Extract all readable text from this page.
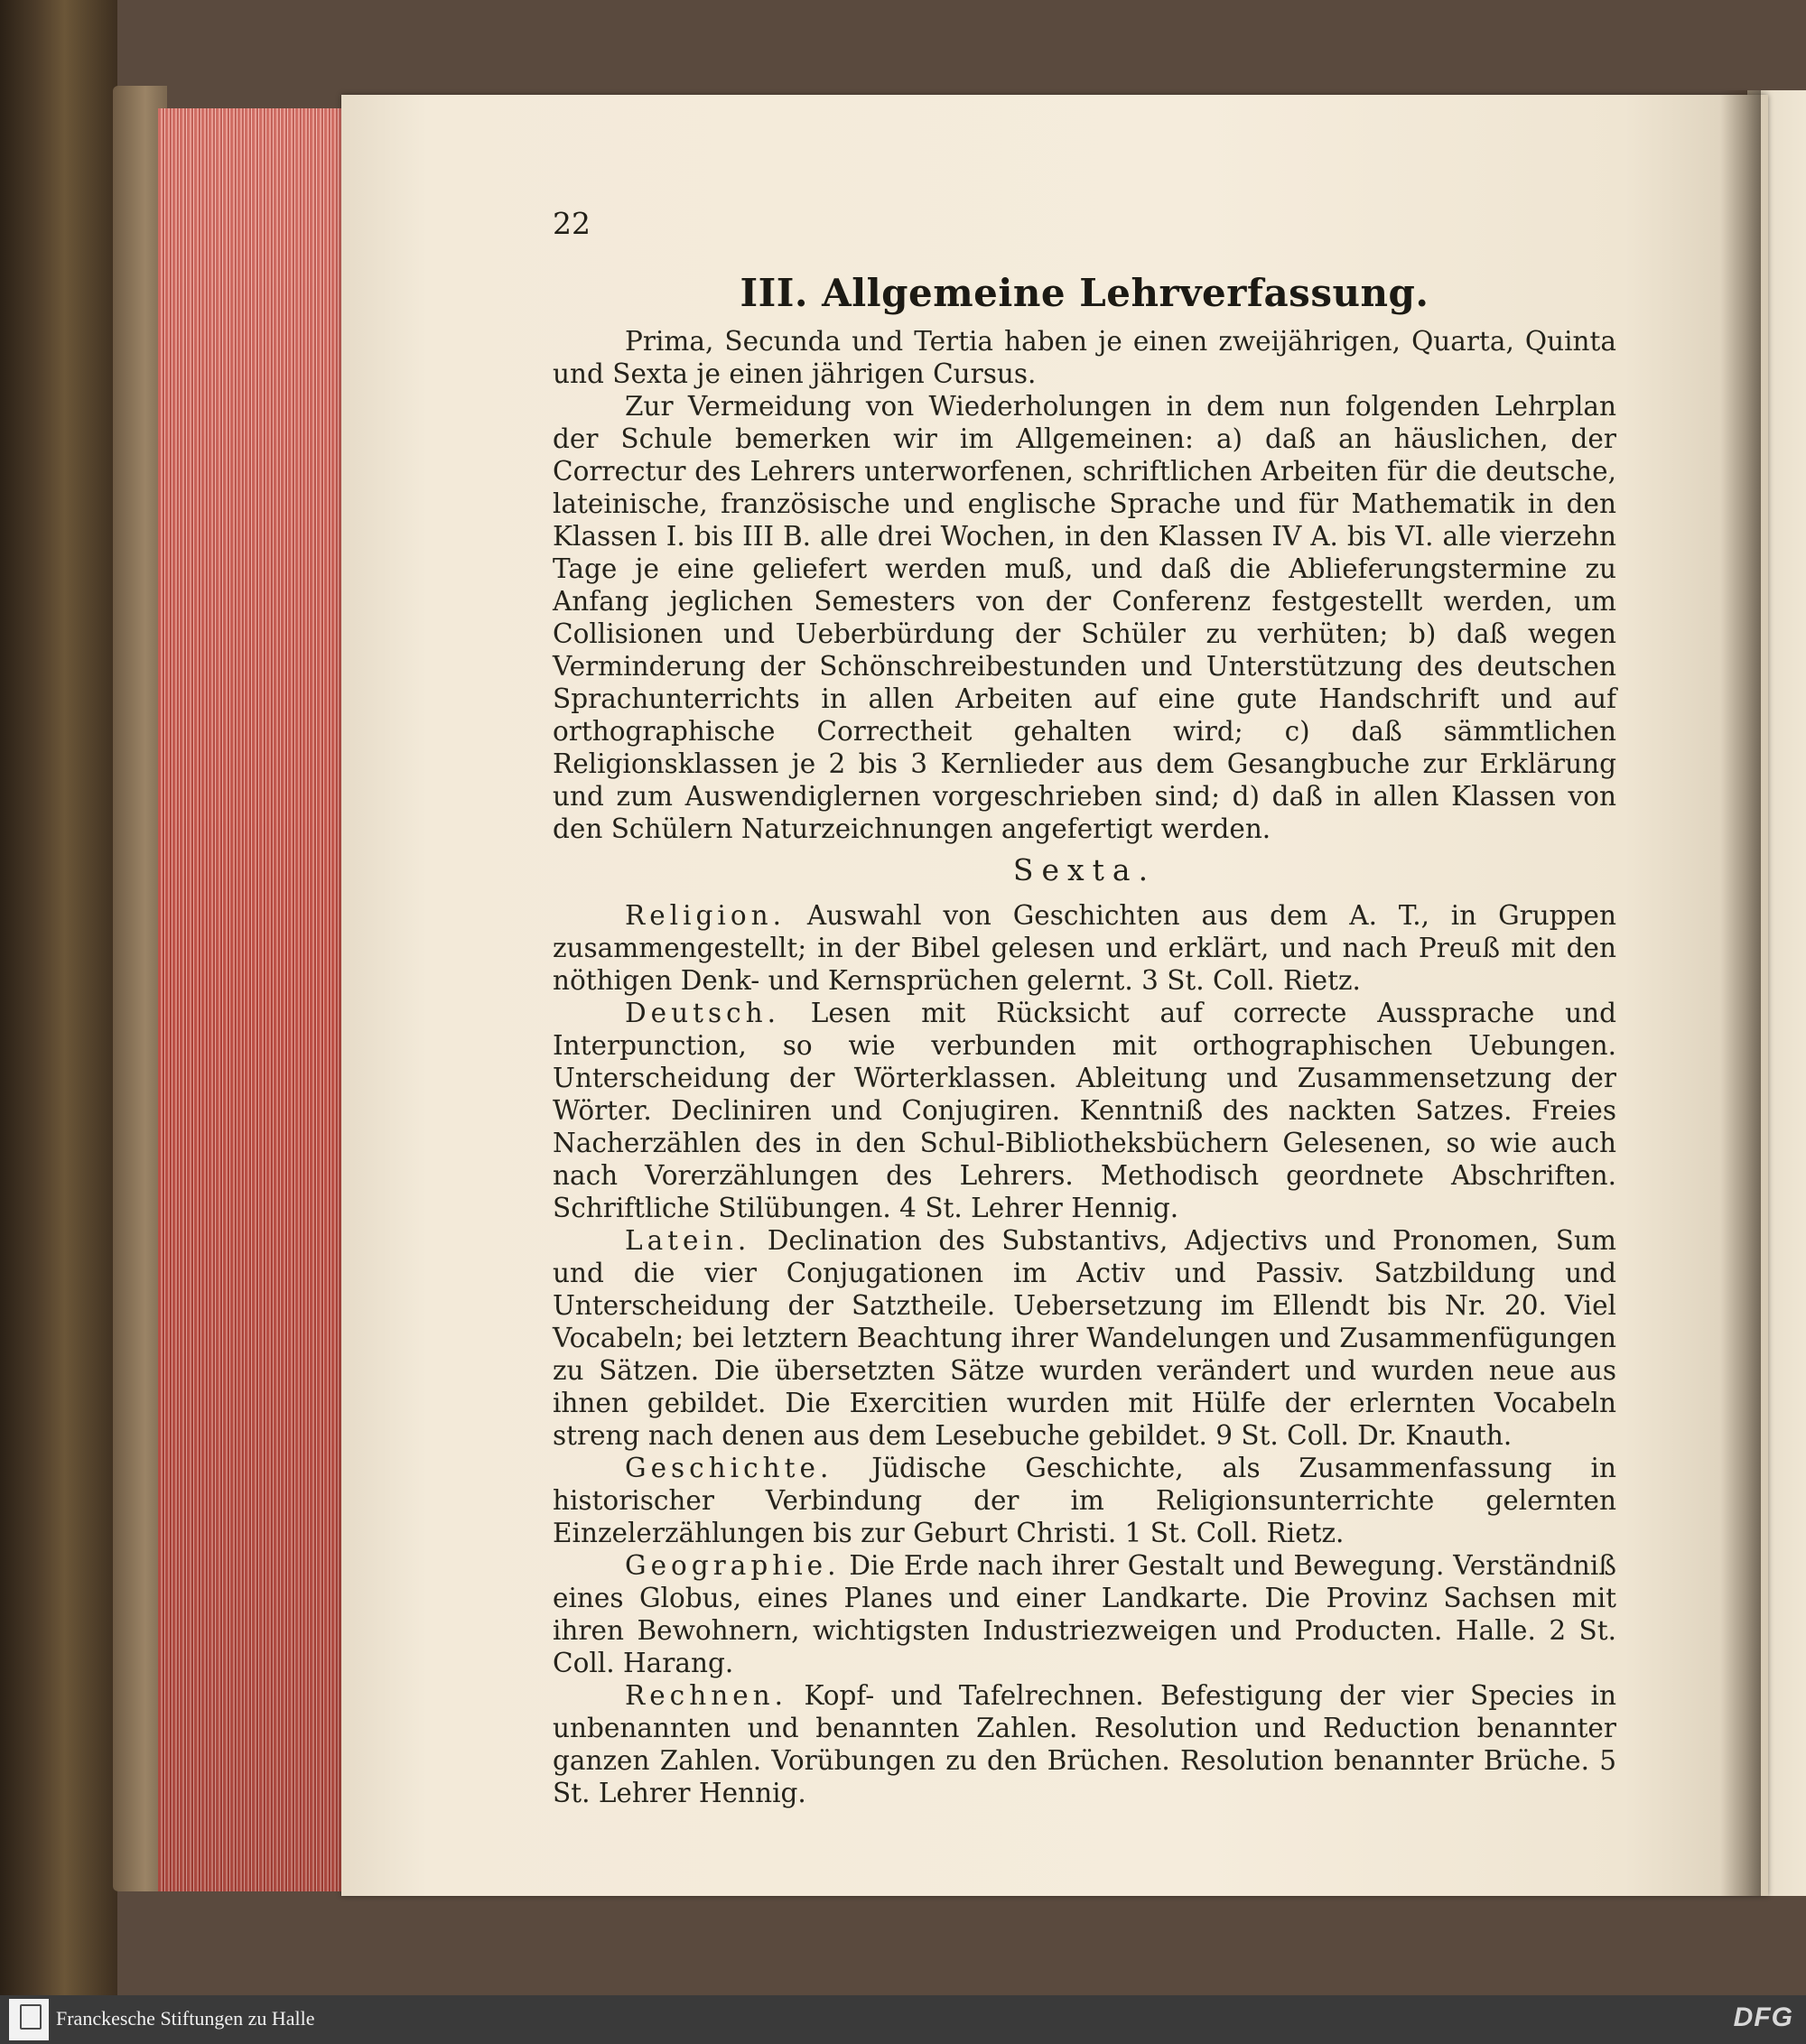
22
III. Allgemeine Lehrverfassung.

Prima, Secunda und Tertia haben je einen zweijährigen, Quarta, Quinta und Sexta je einen jährigen Cursus.

Zur Vermeidung von Wiederholungen in dem nun folgenden Lehrplan der Schule bemerken wir im Allgemeinen: a) daß an häuslichen, der Correctur des Lehrers unterworfenen, schriftlichen Arbeiten für die deutsche, lateinische, französische und englische Sprache und für Mathematik in den Klassen I. bis III B. alle drei Wochen, in den Klassen IV A. bis VI. alle vierzehn Tage je eine geliefert werden muß, und daß die Ablieferungstermine zu Anfang jeglichen Semesters von der Conferenz festgestellt werden, um Collisionen und Ueberbürdung der Schüler zu verhüten; b) daß wegen Verminderung der Schönschreibestunden und Unterstützung des deutschen Sprachunterrichts in allen Arbeiten auf eine gute Handschrift und auf orthographische Correctheit gehalten wird; c) daß sämmtlichen Religionsklassen je 2 bis 3 Kernlieder aus dem Gesangbuche zur Erklärung und zum Auswendiglernen vorgeschrieben sind; d) daß in allen Klassen von den Schülern Naturzeichnungen angefertigt werden.

Sexta.

Religion. Auswahl von Geschichten aus dem A. T., in Gruppen zusammengestellt; in der Bibel gelesen und erklärt, und nach Preuß mit den nöthigen Denk- und Kernsprüchen gelernt. 3 St. Coll. Rietz.

Deutsch. Lesen mit Rücksicht auf correcte Aussprache und Interpunction, so wie verbunden mit orthographischen Uebungen. Unterscheidung der Wörterklassen. Ableitung und Zusammensetzung der Wörter. Decliniren und Conjugiren. Kenntniß des nackten Satzes. Freies Nacherzählen des in den Schul-Bibliotheksbüchern Gelesenen, so wie auch nach Vorerzählungen des Lehrers. Methodisch geordnete Abschriften. Schriftliche Stilübungen. 4 St. Lehrer Hennig.

Latein. Declination des Substantivs, Adjectivs und Pronomen, Sum und die vier Conjugationen im Activ und Passiv. Satzbildung und Unterscheidung der Satztheile. Uebersetzung im Ellendt bis Nr. 20. Viel Vocabeln; bei letztern Beachtung ihrer Wandelungen und Zusammenfügungen zu Sätzen. Die übersetzten Sätze wurden verändert und wurden neue aus ihnen gebildet. Die Exercitien wurden mit Hülfe der erlernten Vocabeln streng nach denen aus dem Lesebuche gebildet. 9 St. Coll. Dr. Knauth.

Geschichte. Jüdische Geschichte, als Zusammenfassung in historischer Verbindung der im Religionsunterrichte gelernten Einzelerzählungen bis zur Geburt Christi. 1 St. Coll. Rietz.

Geographie. Die Erde nach ihrer Gestalt und Bewegung. Verständniß eines Globus, eines Planes und einer Landkarte. Die Provinz Sachsen mit ihren Bewohnern, wichtigsten Industriezweigen und Producten. Halle. 2 St. Coll. Harang.

Rechnen. Kopf- und Tafelrechnen. Befestigung der vier Species in unbenannten und benannten Zahlen. Resolution und Reduction benannter ganzen Zahlen. Vorübungen zu den Brüchen. Resolution benannter Brüche. 5 St. Lehrer Hennig.

Franckesche Stiftungen zu Halle	DFG
